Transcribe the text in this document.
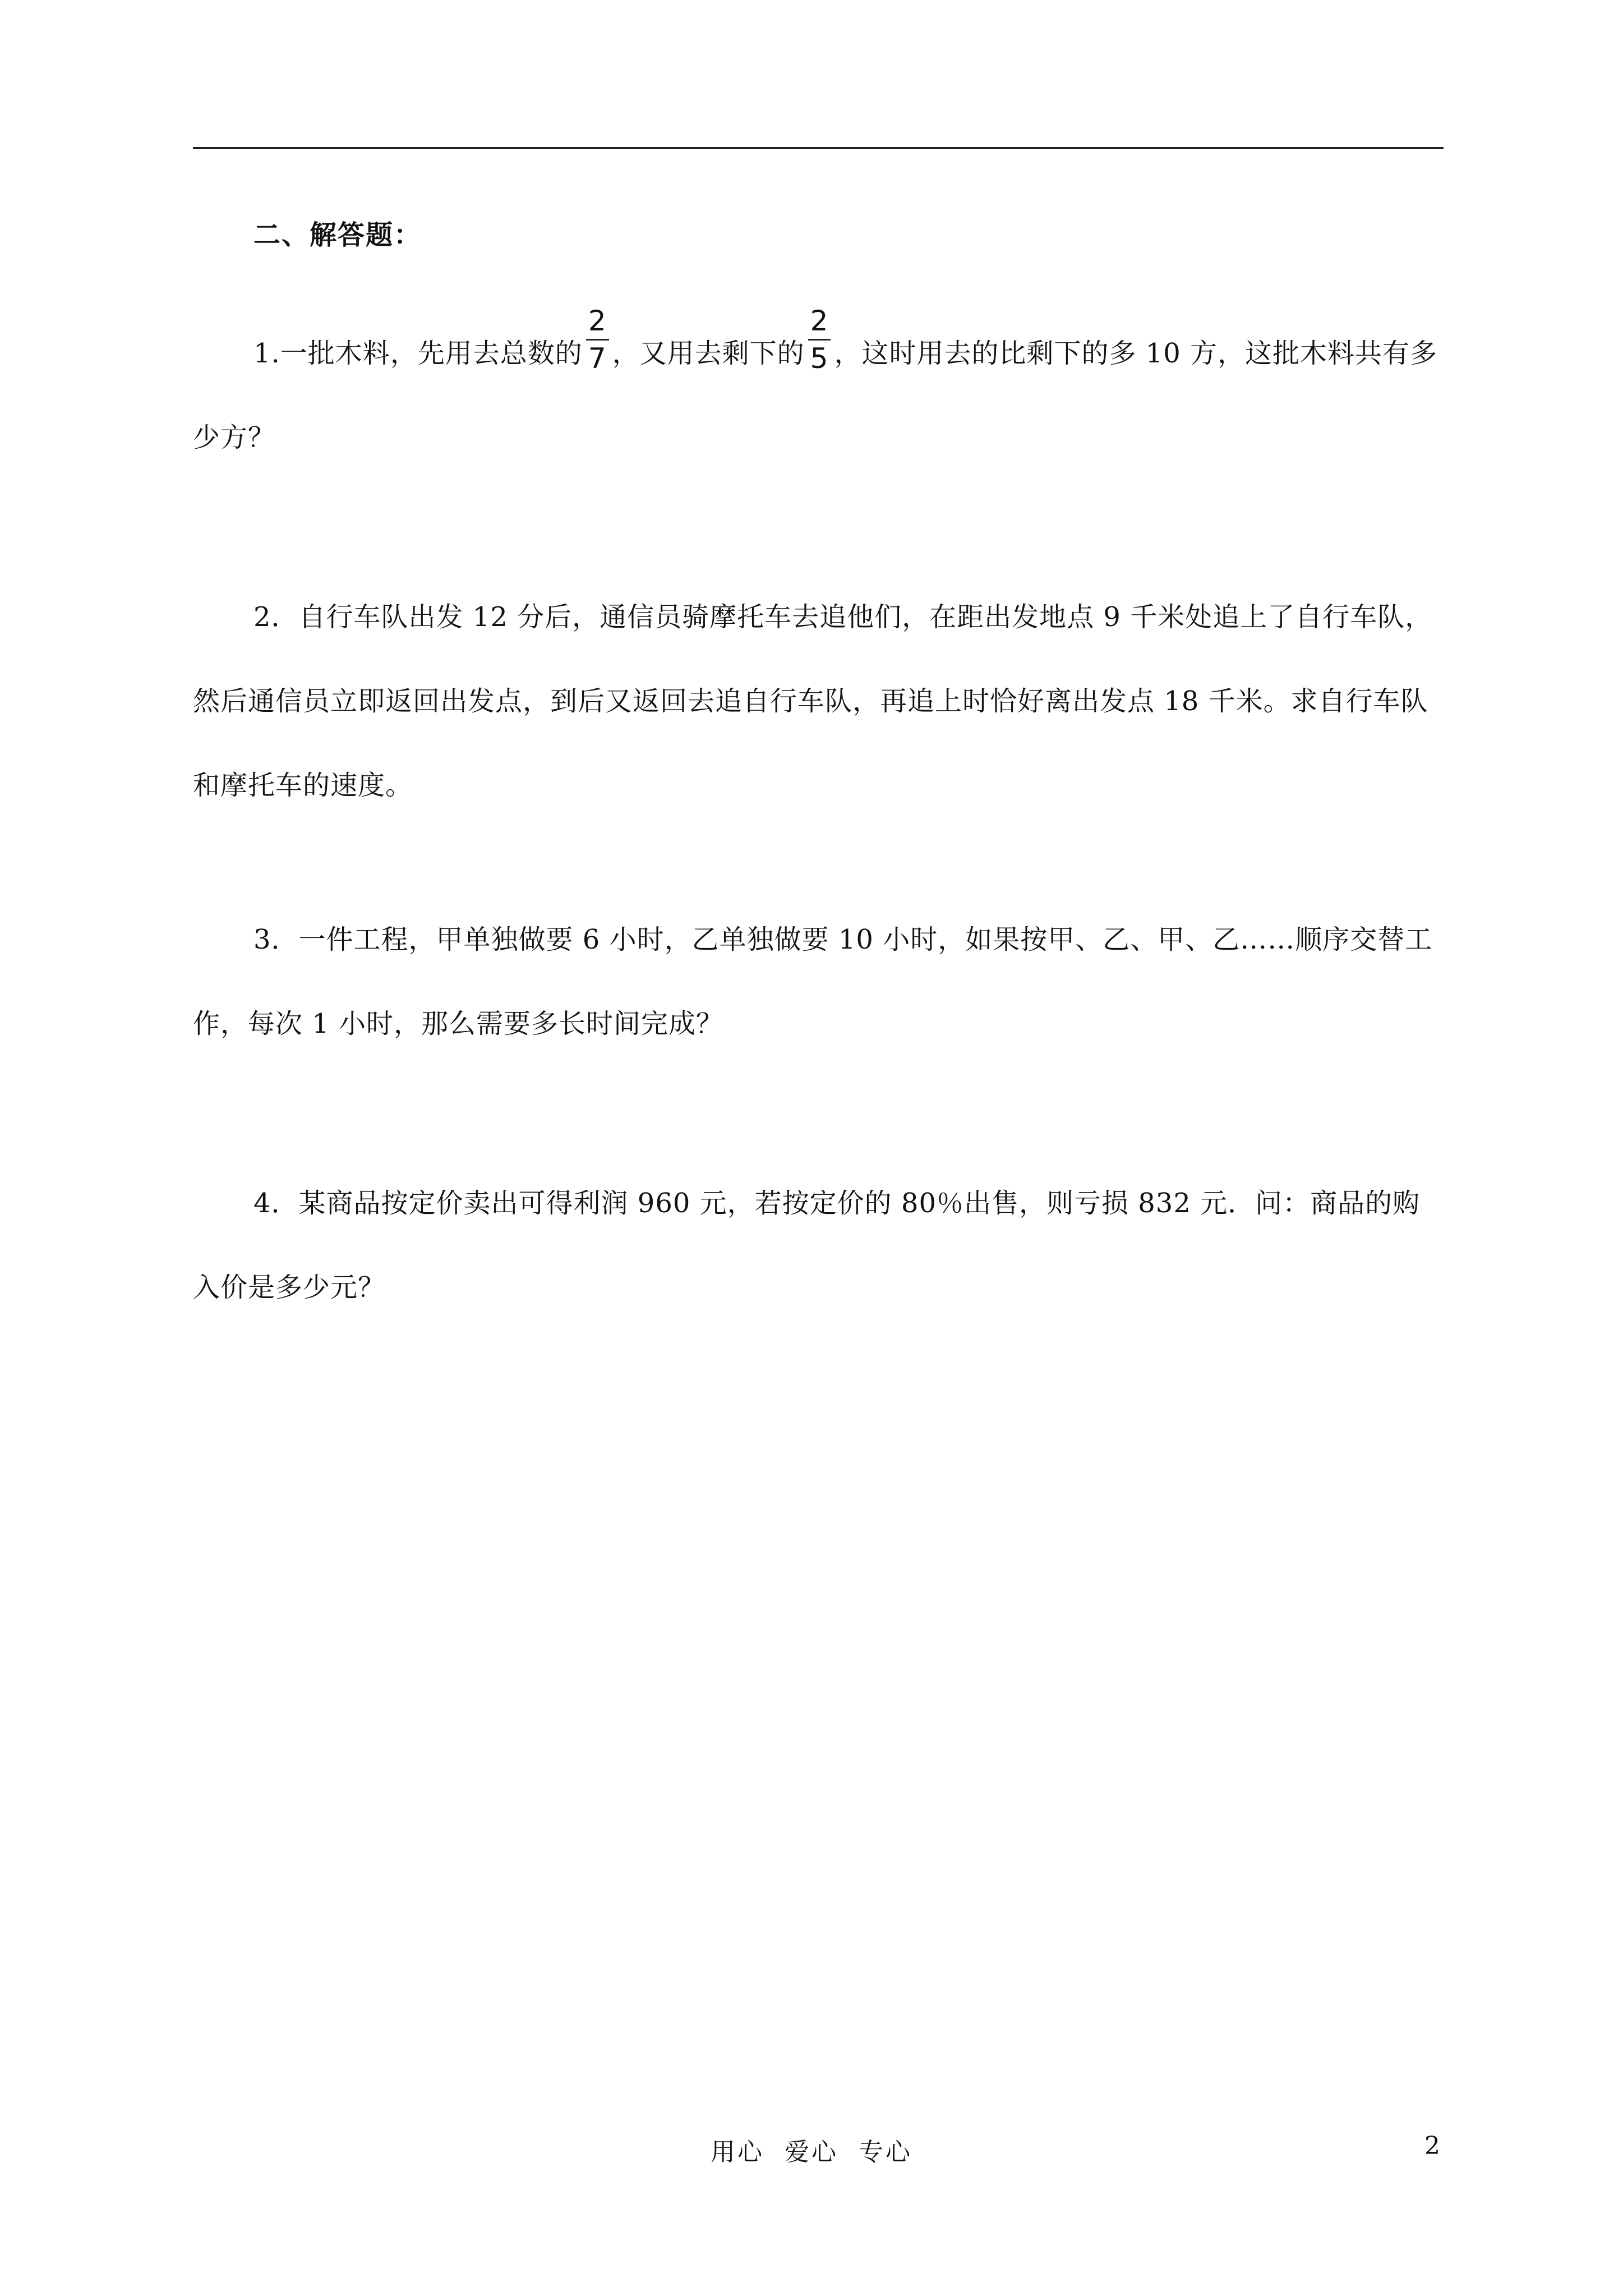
二、解答题：

1.一批木料，先用去总数的 $\frac{2}{7}$ ，又用去剩下的 $\frac{2}{5}$ ，这时用去的比剩下的多 10 方，这批木料共有多少方？

2．自行车队出发 12 分后，通信员骑摩托车去追他们，在距出发地点 9 千米处追上了自行车队，然后通信员立即返回出发点，到后又返回去追自行车队，再追上时恰好离出发点 18 千米。求自行车队和摩托车的速度。

3．一件工程，甲单独做要 6 小时，乙单独做要 10 小时，如果按甲、乙、甲、乙……顺序交替工作，每次 1 小时，那么需要多长时间完成？

4．某商品按定价卖出可得利润 960 元，若按定价的 80％出售，则亏损 832 元．问：商品的购入价是多少元？

用心  爱心  专心	2
